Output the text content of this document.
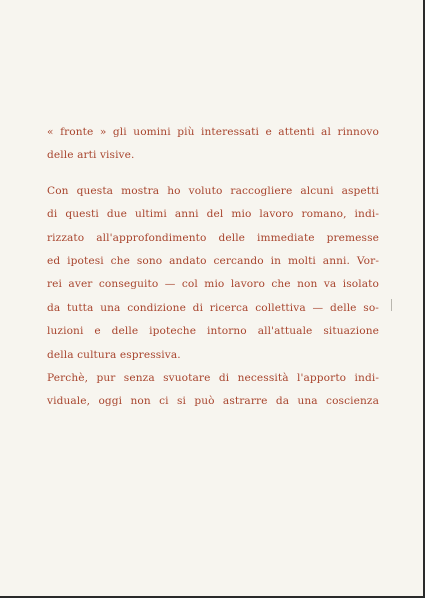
« fronte » gli uomini più interessati e attenti al rinnovo
delle arti visive.
Con questa mostra ho voluto raccogliere alcuni aspetti
di questi due ultimi anni del mio lavoro romano, indi-
rizzato all'approfondimento delle immediate premesse
ed ipotesi che sono andato cercando in molti anni. Vor-
rei aver conseguito — col mio lavoro che non va isolato
da tutta una condizione di ricerca collettiva — delle so-
luzioni e delle ipoteche intorno all'attuale situazione
della cultura espressiva.
Perchè, pur senza svuotare di necessità l'apporto indi-
viduale, oggi non ci si può astrarre da una coscienza
